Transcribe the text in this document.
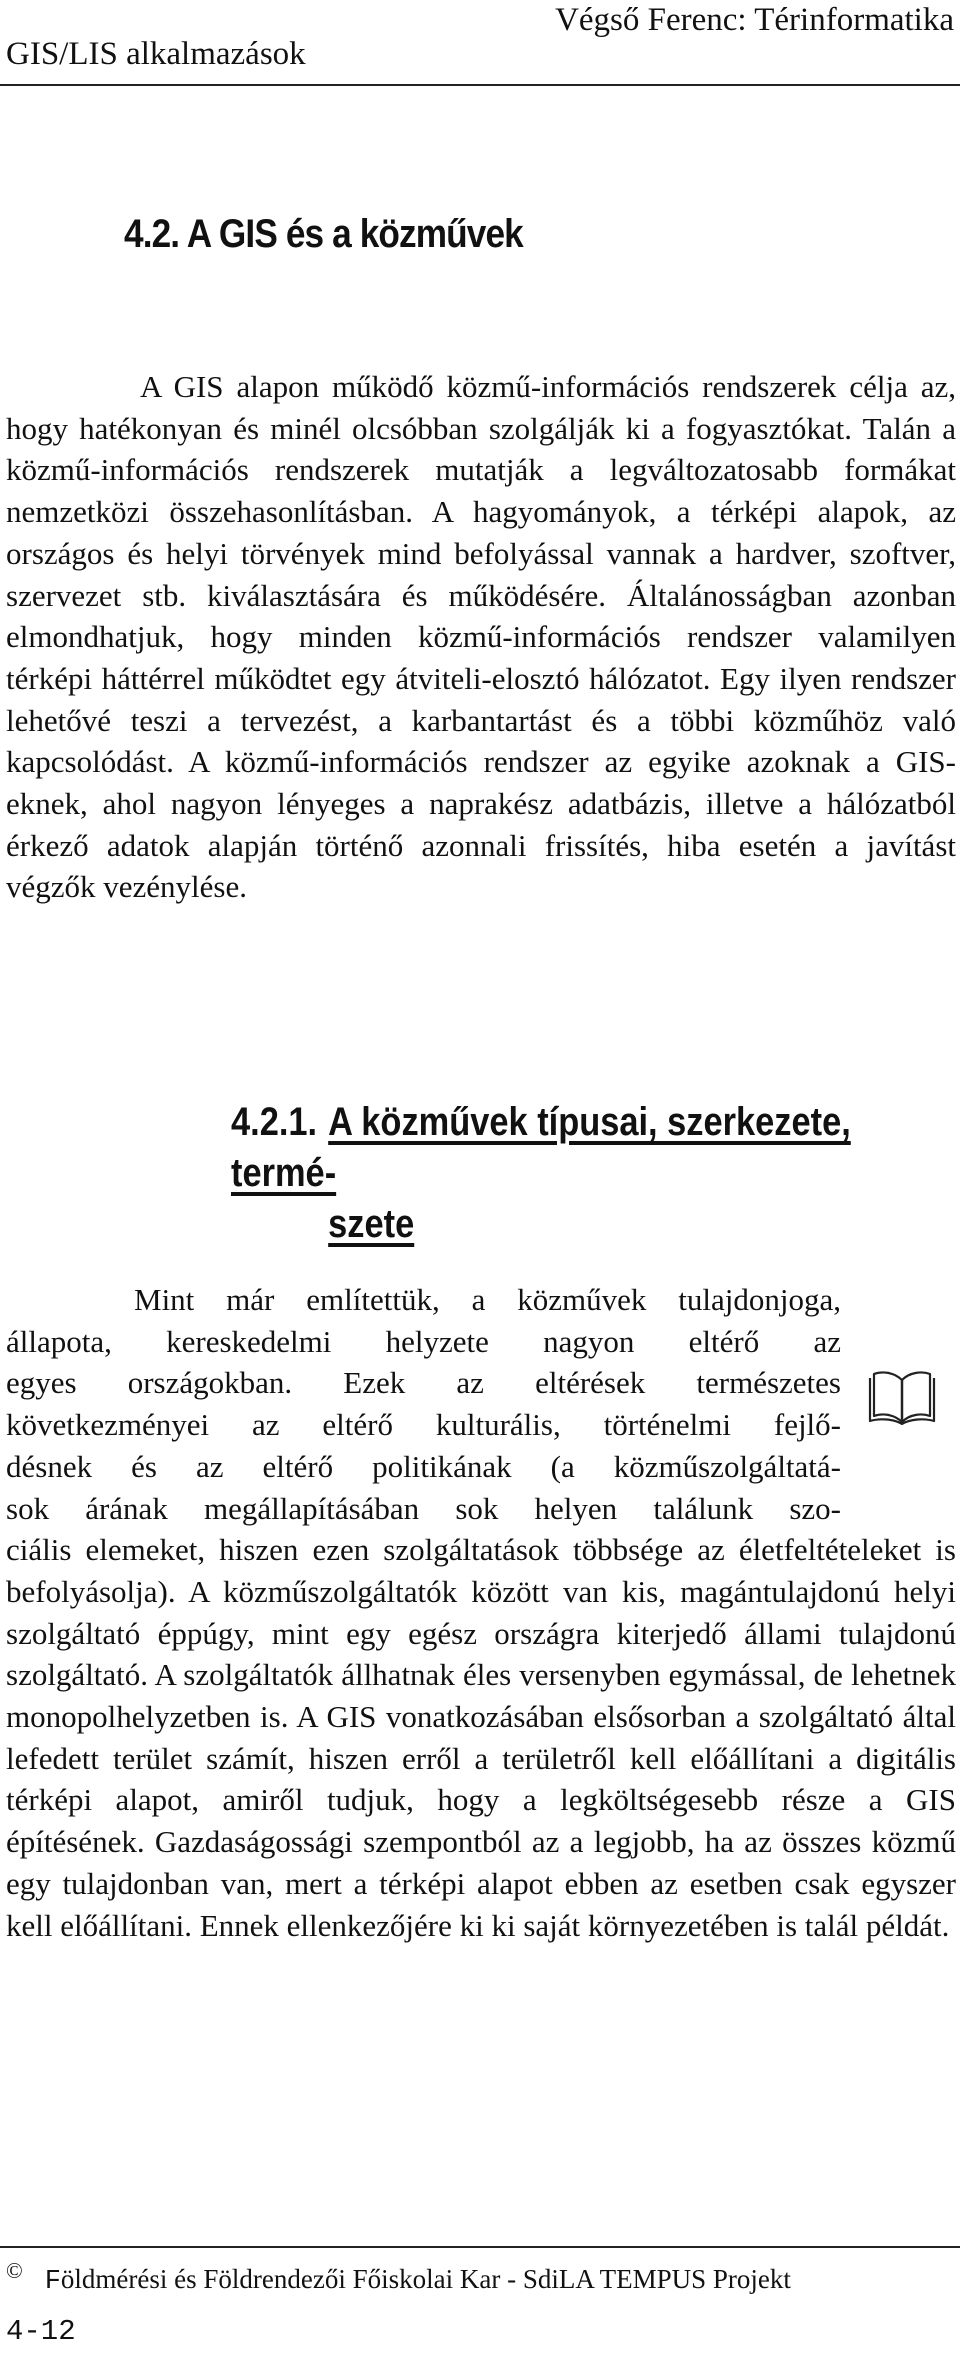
Végső Ferenc: Térinformatika
GIS/LIS alkalmazások
4.2. A GIS és a közművek
A GIS alapon működő közmű-információs rendszerek célja az, hogy hatékonyan és minél olcsóbban szolgálják ki a fogyasztókat. Talán a közmű-információs rendszerek mutatják a legváltozatosabb formákat nemzetközi összehasonlításban. A hagyományok, a térképi alapok, az országos és helyi törvények mind befolyással vannak a hardver, szoftver, szervezet stb. kiválasztására és működésére. Általánosságban azonban elmondhatjuk, hogy minden közmű-információs rendszer valamilyen térképi háttérrel működtet egy átviteli-elosztó hálózatot. Egy ilyen rendszer lehetővé teszi a tervezést, a karbantartást és a többi közműhöz való kapcsolódást. A közmű-információs rendszer az egyike azoknak a GIS-eknek, ahol nagyon lényeges a naprakész adatbázis, illetve a hálózatból érkező adatok alapján történő azonnali frissítés, hiba esetén a javítást végzők vezénylése.
4.2.1. A közművek típusai, szerkezete, termé-
szete
Mint már említettük, a közművek tulajdonjoga,
állapota, kereskedelmi helyzete nagyon eltérő az
egyes országokban. Ezek az eltérések természetes
következményei az eltérő kulturális, történelmi fejlő-
désnek és az eltérő politikának (a közműszolgáltatá-
sok árának megállapításában sok helyen találunk szo-
ciális elemeket, hiszen ezen szolgáltatások többsége az életfeltételeket is befolyásolja). A közműszolgáltatók között van kis, magántulajdonú helyi szolgáltató éppúgy, mint egy egész országra kiterjedő állami tulajdonú szolgáltató. A szolgáltatók állhatnak éles versenyben egymással, de lehetnek monopolhelyzetben is. A GIS vonatkozásában elsősorban a szolgáltató által lefedett terület számít, hiszen erről a területről kell előállítani a digitális térképi alapot, amiről tudjuk, hogy a legköltségesebb része a GIS építésének. Gazdaságossági szempontból az a legjobb, ha az összes közmű egy tulajdonban van, mert a térképi alapot ebben az esetben csak egyszer kell előállítani. Ennek ellenkezőjére ki ki saját környezetében is talál példát.
© Földmérési és Földrendezői Főiskolai Kar - SdiLA TEMPUS Projekt
4-12
